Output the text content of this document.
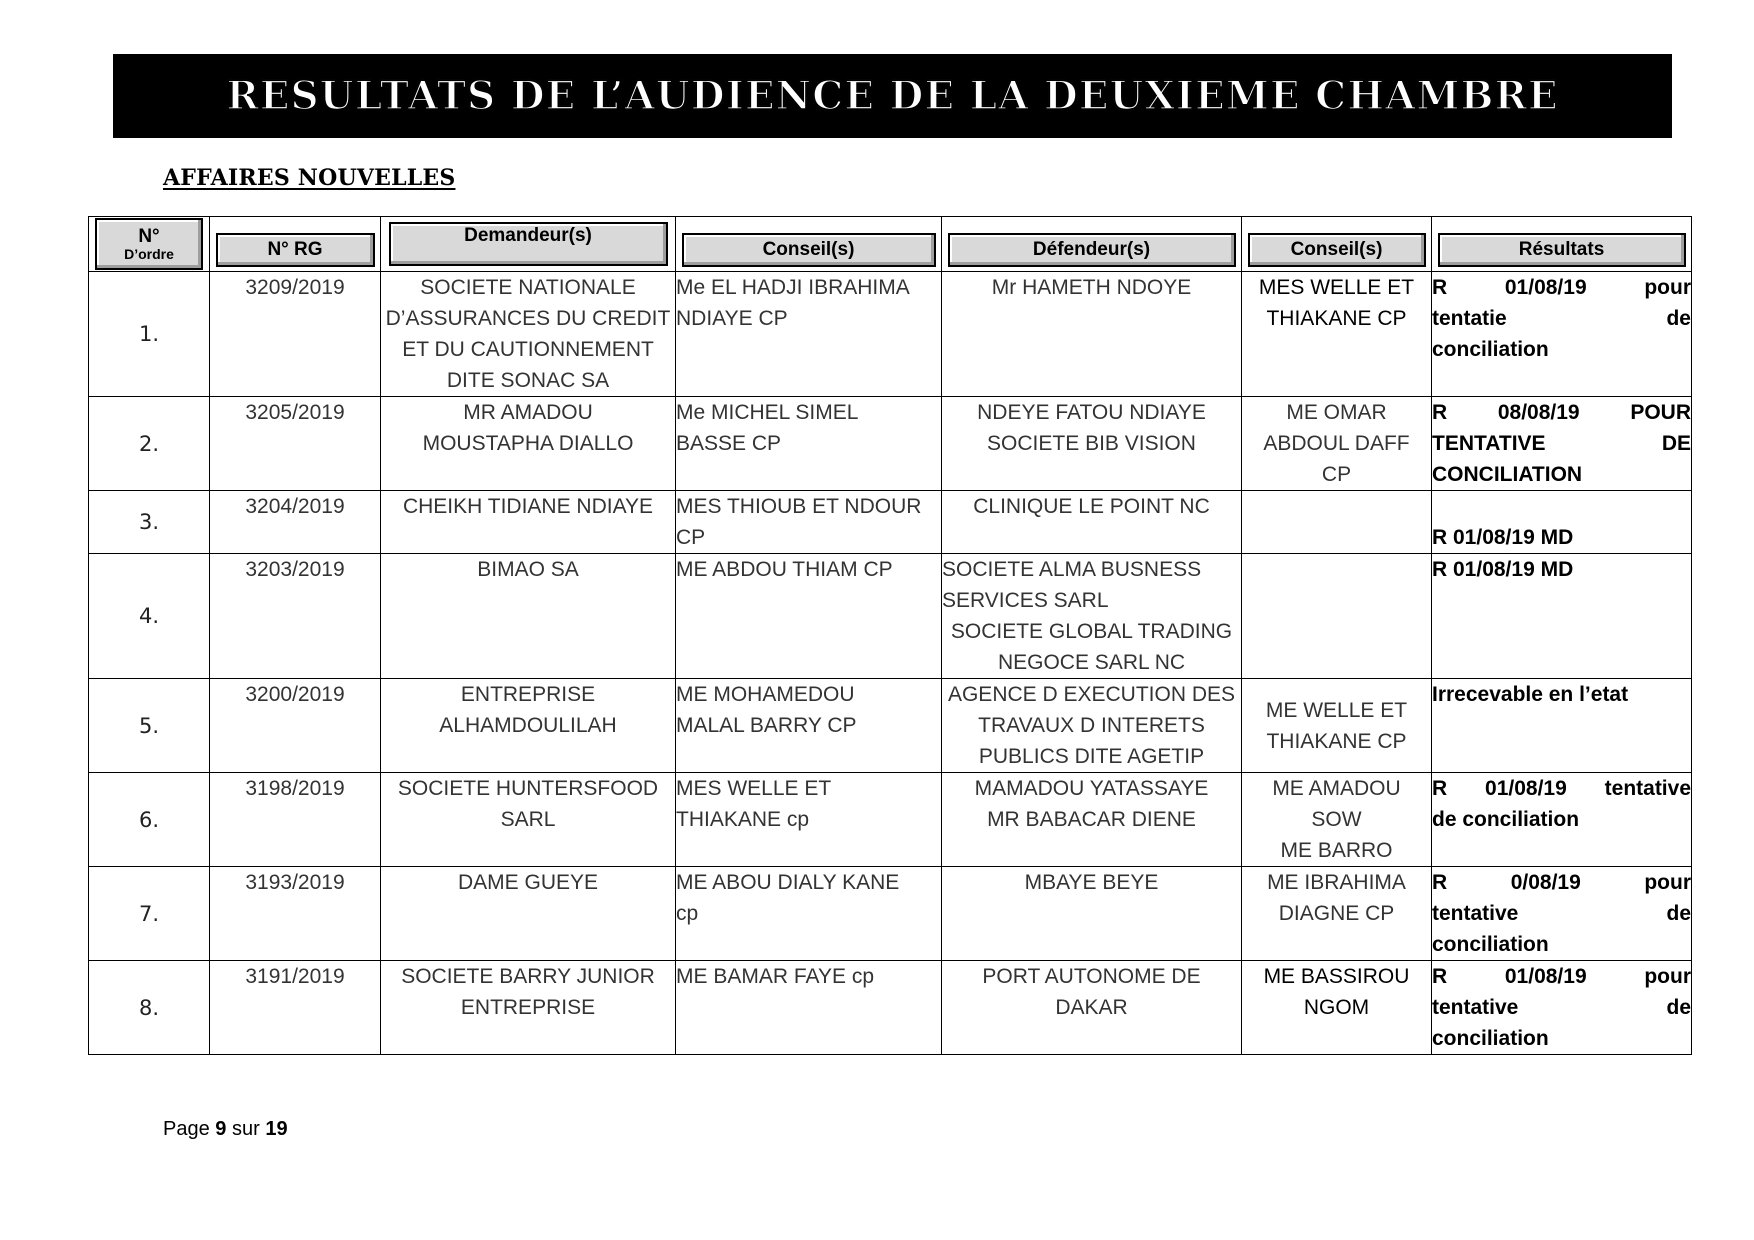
RESULTATS DE L’AUDIENCE DE LA DEUXIEME CHAMBRE
AFFAIRES NOUVELLES
N°
D’ordre	N° RG	Demandeur(s)	Conseil(s)	Défendeur(s)	Conseil(s)	Résultats

1.	3209/2019	SOCIETE NATIONALE
D’ASSURANCES DU CREDIT
ET DU CAUTIONNEMENT
DITE SONAC SA	Me EL HADJI IBRAHIMA
NDIAYE CP	Mr HAMETH NDOYE	MES WELLE ET
THIAKANE CP	R 01/08/19 pour
tentatie de
conciliation

2.	3205/2019	MR AMADOU
MOUSTAPHA DIALLO	Me MICHEL SIMEL
BASSE CP	NDEYE FATOU NDIAYE
SOCIETE BIB VISION	ME OMAR
ABDOUL DAFF
CP	R 08/08/19 POUR
TENTATIVE DE
CONCILIATION

3.	3204/2019	CHEIKH TIDIANE NDIAYE	MES THIOUB ET NDOUR
CP	CLINIQUE LE POINT NC		R 01/08/19 MD

4.	3203/2019	BIMAO SA	ME ABDOU THIAM CP	SOCIETE ALMA BUSNESS
SERVICES SARL
SOCIETE GLOBAL TRADING
NEGOCE SARL NC		R 01/08/19 MD

5.	3200/2019	ENTREPRISE
ALHAMDOULILAH	ME MOHAMEDOU
MALAL BARRY CP	AGENCE D EXECUTION DES
TRAVAUX D INTERETS
PUBLICS DITE AGETIP	ME WELLE ET
THIAKANE CP	Irrecevable en l’etat

6.	3198/2019	SOCIETE HUNTERSFOOD
SARL	MES WELLE ET
THIAKANE cp	MAMADOU YATASSAYE
MR BABACAR DIENE	ME AMADOU
SOW
ME BARRO	R 01/08/19 tentative
de conciliation

7.	3193/2019	DAME GUEYE	ME ABOU DIALY KANE
cp	MBAYE BEYE	ME IBRAHIMA
DIAGNE CP	R 0/08/19 pour
tentative de
conciliation

8.	3191/2019	SOCIETE BARRY JUNIOR
ENTREPRISE	ME BAMAR FAYE cp	PORT AUTONOME DE
DAKAR	ME BASSIROU
NGOM	R 01/08/19 pour
tentative de
conciliation
Page 9 sur 19
